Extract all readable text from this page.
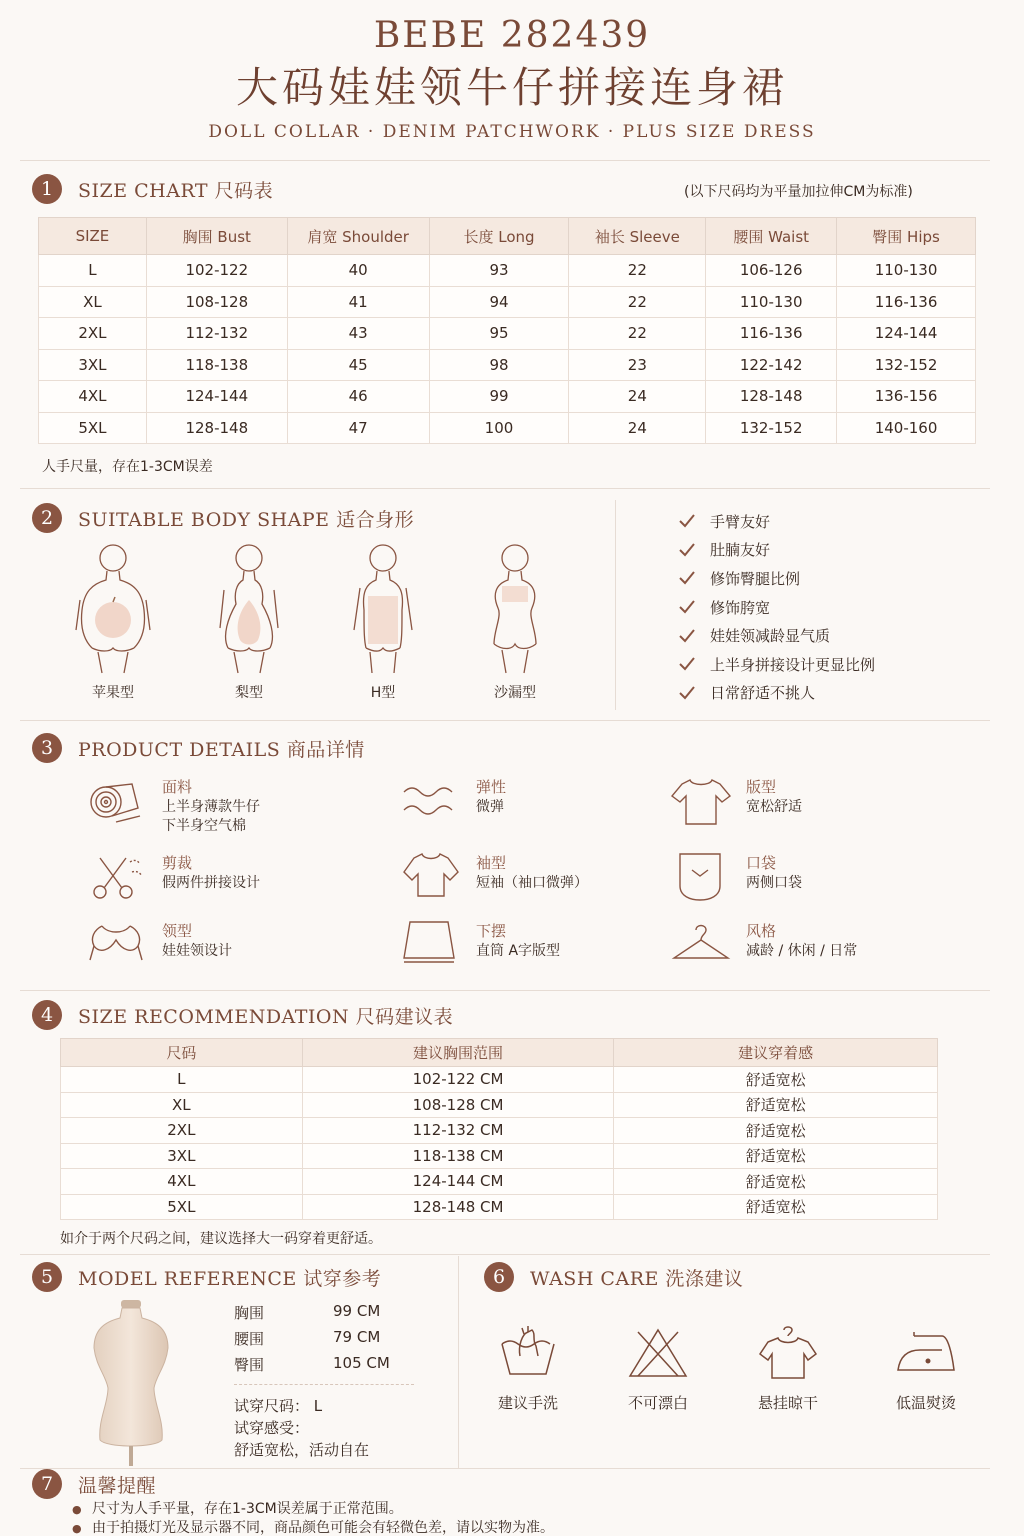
BEBE 282439
大码娃娃领牛仔拼接连身裙
DOLL COLLAR · DENIM PATCHWORK · PLUS SIZE DRESS
1	SIZE CHART 尺码表	(以下尺码均为平量加拉伸CM为标准)
SIZE	胸围 Bust	肩宽 Shoulder	长度 Long	袖长 Sleeve	腰围 Waist	臀围 Hips
L	102-122	40	93	22	106-126	110-130
XL	108-128	41	94	22	110-130	116-136
2XL	112-132	43	95	22	116-136	124-144
3XL	118-138	45	98	23	122-142	132-152
4XL	124-144	46	99	24	128-148	136-156
5XL	128-148	47	100	24	132-152	140-160
人手尺量，存在1-3CM误差
2	SUITABLE BODY SHAPE 适合身形
苹果型	梨型	H型	沙漏型
手臂友好
肚腩友好
修饰臀腿比例
修饰胯宽
娃娃领减龄显气质
上半身拼接设计更显比例
日常舒适不挑人
3	PRODUCT DETAILS 商品详情
面料
上半身薄款牛仔
下半身空气棉
弹性
微弹
版型
宽松舒适
剪裁
假两件拼接设计
袖型
短袖（袖口微弹）
口袋
两侧口袋
领型
娃娃领设计
下摆
直筒 A字版型
风格
减龄 / 休闲 / 日常
4	SIZE RECOMMENDATION 尺码建议表
尺码	建议胸围范围	建议穿着感
L	102-122 CM	舒适宽松
XL	108-128 CM	舒适宽松
2XL	112-132 CM	舒适宽松
3XL	118-138 CM	舒适宽松
4XL	124-144 CM	舒适宽松
5XL	128-148 CM	舒适宽松
如介于两个尺码之间，建议选择大一码穿着更舒适。
5	MODEL REFERENCE 试穿参考
胸围	99 CM
腰围	79 CM
臀围	105 CM
试穿尺码： L
试穿感受：
舒适宽松，活动自在
6	WASH CARE 洗涤建议
建议手洗	不可漂白	悬挂晾干	低温熨烫
7	温馨提醒
● 尺寸为人手平量，存在1-3CM误差属于正常范围。
● 由于拍摄灯光及显示器不同，商品颜色可能会有轻微色差，请以实物为准。
